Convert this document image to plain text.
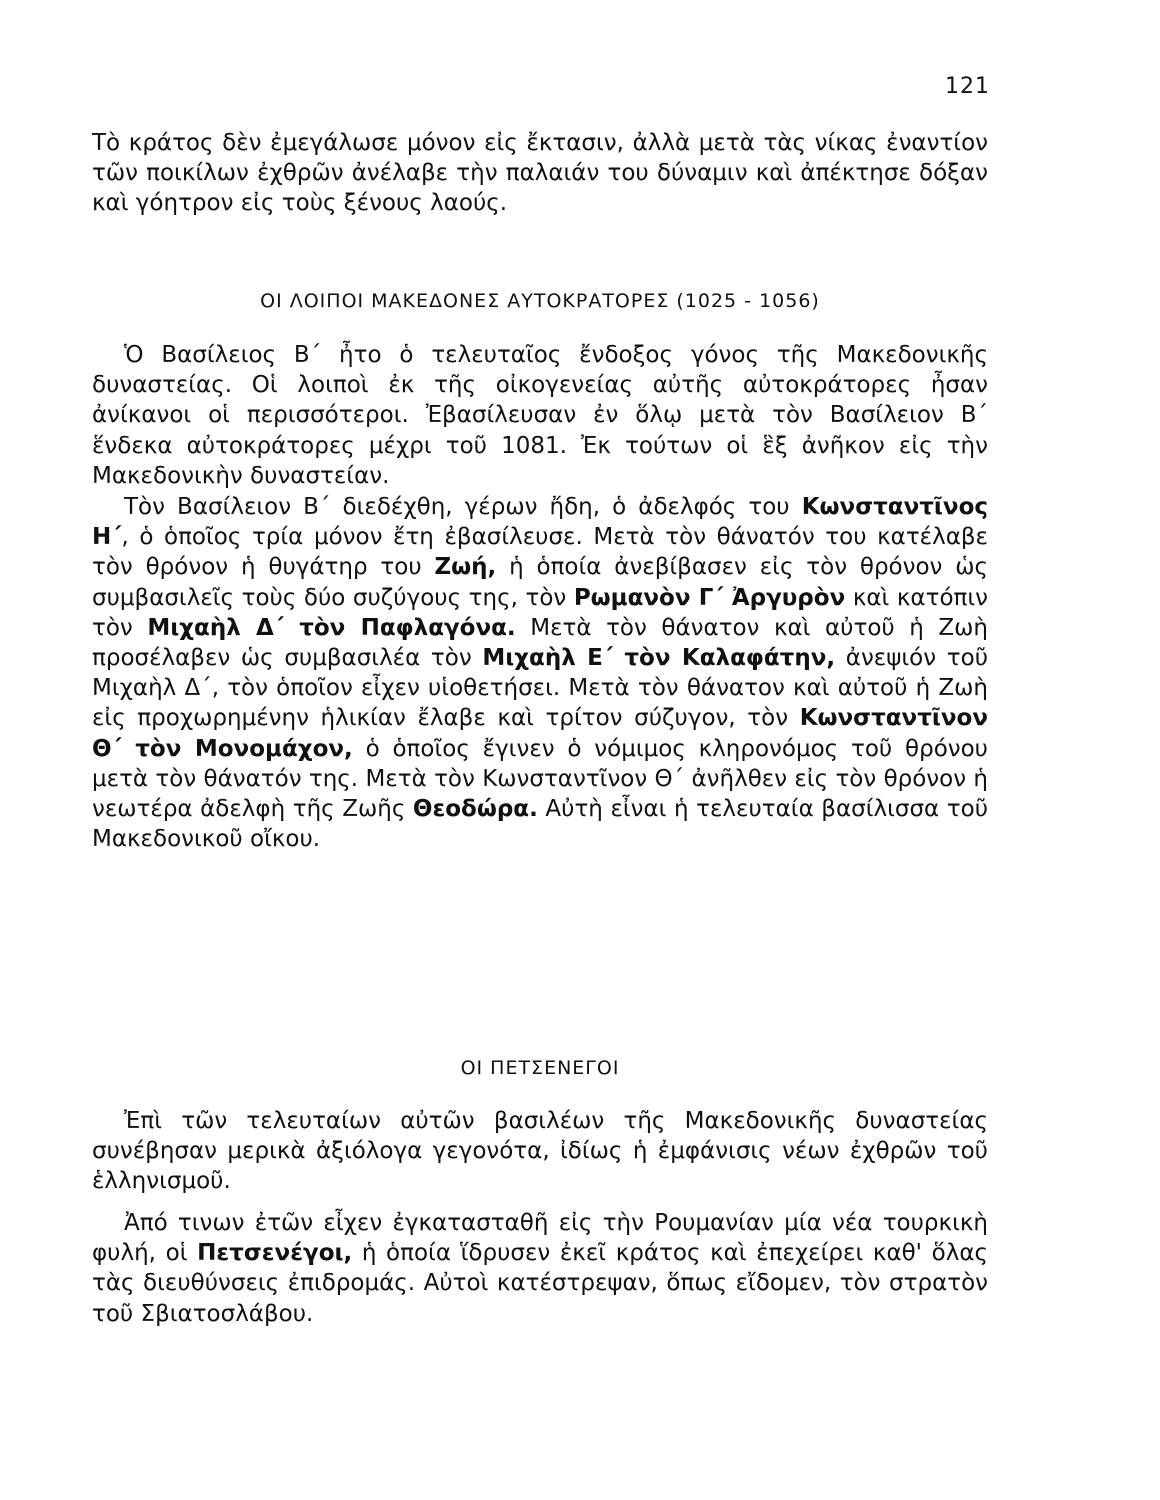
121

Τὸ κράτος δὲν ἐμεγάλωσε μόνον εἰς ἔκτασιν, ἀλλὰ μετὰ τὰς νίκας ἐναντίον τῶν ποικίλων ἐχθρῶν ἀνέλαβε τὴν παλαιάν του δύναμιν καὶ ἀπέκτησε δόξαν καὶ γόητρον εἰς τοὺς ξένους λαούς.

ΟΙ ΛΟΙΠΟΙ ΜΑΚΕΔΟΝΕΣ ΑΥΤΟΚΡΑΤΟΡΕΣ (1025 - 1056)

Ὁ Βασίλειος Β΄ ἦτο ὁ τελευταῖος ἔνδοξος γόνος τῆς Μακεδονικῆς δυναστείας. Οἱ λοιποὶ ἐκ τῆς οἰκογενείας αὐτῆς αὐτοκράτορες ἦσαν ἀνίκανοι οἱ περισσότεροι. Ἐβασίλευσαν ἐν ὅλῳ μετὰ τὸν Βασίλειον Β΄ ἕνδεκα αὐτοκράτορες μέχρι τοῦ 1081. Ἐκ τούτων οἱ ἓξ ἀνῆκον εἰς τὴν Μακεδονικὴν δυναστείαν.

Τὸν Βασίλειον Β΄ διεδέχθη, γέρων ἤδη, ὁ ἀδελφός του Κωνσταντῖνος Η΄, ὁ ὁποῖος τρία μόνον ἔτη ἐβασίλευσε. Μετὰ τὸν θάνατόν του κατέλαβε τὸν θρόνον ἡ θυγάτηρ του Ζωή, ἡ ὁποία ἀνεβίβασεν εἰς τὸν θρόνον ὡς συμβασιλεῖς τοὺς δύο συζύγους της, τὸν Ρωμανὸν Γ΄ Ἀργυρὸν καὶ κατόπιν τὸν Μιχαὴλ Δ΄ τὸν Παφλαγόνα. Μετὰ τὸν θάνατον καὶ αὐτοῦ ἡ Ζωὴ προσέλαβεν ὡς συμβασιλέα τὸν Μιχαὴλ Ε΄ τὸν Καλαφάτην, ἀνεψιόν τοῦ Μιχαὴλ Δ΄, τὸν ὁποῖον εἶχεν υἱοθετήσει. Μετὰ τὸν θάνατον καὶ αὐτοῦ ἡ Ζωὴ εἰς προχωρημένην ἡλικίαν ἔλαβε καὶ τρίτον σύζυγον, τὸν Κωνσταντῖνον Θ΄ τὸν Μονομάχον, ὁ ὁποῖος ἔγινεν ὁ νόμιμος κληρονόμος τοῦ θρόνου μετὰ τὸν θάνατόν της. Μετὰ τὸν Κωνσταντῖνον Θ΄ ἀνῆλθεν εἰς τὸν θρόνον ἡ νεωτέρα ἀδελφὴ τῆς Ζωῆς Θεοδώρα. Αὐτὴ εἶναι ἡ τελευταία βασίλισσα τοῦ Μακεδονικοῦ οἴκου.

ΟΙ ΠΕΤΣΕΝΕΓΟΙ

Ἐπὶ τῶν τελευταίων αὐτῶν βασιλέων τῆς Μακεδονικῆς δυναστείας συνέβησαν μερικὰ ἀξιόλογα γεγονότα, ἰδίως ἡ ἐμφάνισις νέων ἐχθρῶν τοῦ ἑλληνισμοῦ.

Ἀπό τινων ἐτῶν εἶχεν ἐγκατασταθῆ εἰς τὴν Ρουμανίαν μία νέα τουρκικὴ φυλή, οἱ Πετσενέγοι, ἡ ὁποία ἵδρυσεν ἐκεῖ κράτος καὶ ἐπεχείρει καθ' ὅλας τὰς διευθύνσεις ἐπιδρομάς. Αὐτοὶ κατέστρεψαν, ὅπως εἴδομεν, τὸν στρατὸν τοῦ Σβιατοσλάβου.
